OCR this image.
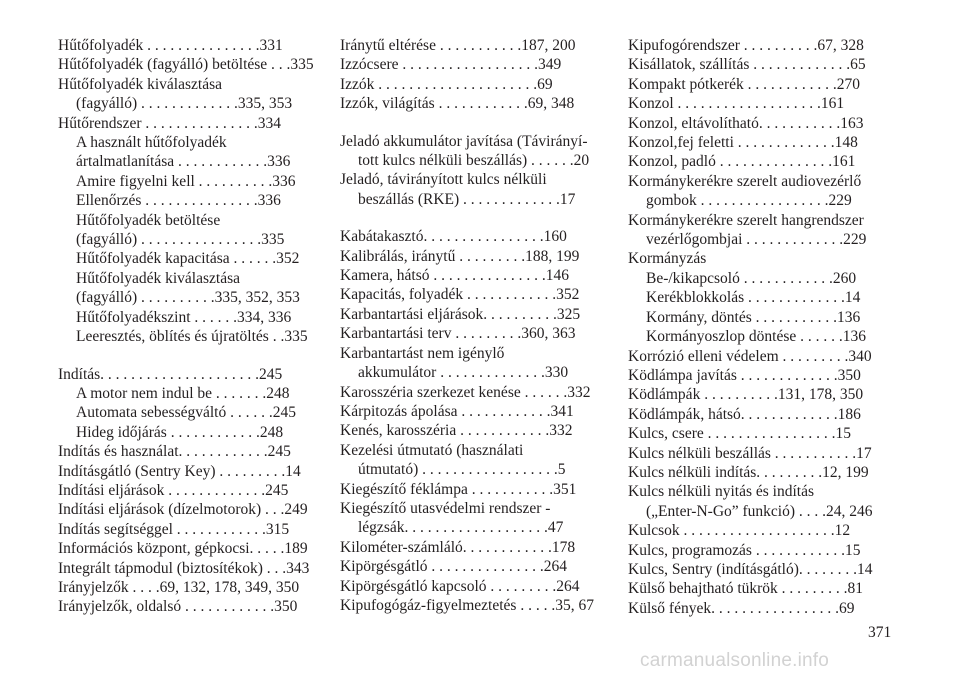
Hűtőfolyadék . . . . . . . . . . . . . . .331
Hűtőfolyadék (fagyálló) betöltése . . .335
Hűtőfolyadék kiválasztása
(fagyálló) . . . . . . . . . . . . .335, 353
Hűtőrendszer . . . . . . . . . . . . . . .334
A használt hűtőfolyadék
ártalmatlanítása . . . . . . . . . . . .336
Amire figyelni kell . . . . . . . . . .336
Ellenőrzés . . . . . . . . . . . . . . .336
Hűtőfolyadék betöltése
(fagyálló) . . . . . . . . . . . . . . . .335
Hűtőfolyadék kapacitása . . . . . .352
Hűtőfolyadék kiválasztása
(fagyálló) . . . . . . . . . .335, 352, 353
Hűtőfolyadékszint . . . . . .334, 336
Leeresztés, öblítés és újratöltés . .335
Indítás. . . . . . . . . . . . . . . . . . . . .245
A motor nem indul be . . . . . . .248
Automata sebességváltó . . . . . .245
Hideg időjárás . . . . . . . . . . . .248
Indítás és használat. . . . . . . . . . . .245
Indításgátló (Sentry Key) . . . . . . . . .14
Indítási eljárások . . . . . . . . . . . . .245
Indítási eljárások (dízelmotorok) . . .249
Indítás segítséggel . . . . . . . . . . . .315
Információs központ, gépkocsi. . . . .189
Integrált tápmodul (biztosítékok) . . .343
Irányjelzők . . . .69, 132, 178, 349, 350
Irányjelzők, oldalsó . . . . . . . . . . . .350
Iránytű eltérése . . . . . . . . . . .187, 200
Izzócsere . . . . . . . . . . . . . . . . . .349
Izzók . . . . . . . . . . . . . . . . . . . . .69
Izzók, világítás . . . . . . . . . . . .69, 348
Jeladó akkumulátor javítása (Távirányí-
tott kulcs nélküli beszállás) . . . . . .20
Jeladó, távirányított kulcs nélküli
beszállás (RKE) . . . . . . . . . . . . .17
Kabátakasztó. . . . . . . . . . . . . . . .160
Kalibrálás, iránytű . . . . . . . . .188, 199
Kamera, hátsó . . . . . . . . . . . . . . .146
Kapacitás, folyadék . . . . . . . . . . . .352
Karbantartási eljárások. . . . . . . . . .325
Karbantartási terv . . . . . . . . .360, 363
Karbantartást nem igénylő
akkumulátor . . . . . . . . . . . . . .330
Karosszéria szerkezet kenése . . . . . .332
Kárpitozás ápolása . . . . . . . . . . . .341
Kenés, karosszéria . . . . . . . . . . . .332
Kezelési útmutató (használati
útmutató) . . . . . . . . . . . . . . . . . .5
Kiegészítő féklámpa . . . . . . . . . . .351
Kiegészítő utasvédelmi rendszer -
légzsák. . . . . . . . . . . . . . . . . . .47
Kilométer-számláló. . . . . . . . . . . .178
Kipörgésgátló . . . . . . . . . . . . . . .264
Kipörgésgátló kapcsoló . . . . . . . . .264
Kipufogógáz-figyelmeztetés . . . . .35, 67
Kipufogórendszer . . . . . . . . . .67, 328
Kisállatok, szállítás . . . . . . . . . . . . .65
Kompakt pótkerék . . . . . . . . . . . .270
Konzol . . . . . . . . . . . . . . . . . . .161
Konzol, eltávolítható. . . . . . . . . . .163
Konzol,fej feletti . . . . . . . . . . . . .148
Konzol, padló . . . . . . . . . . . . . . .161
Kormánykerékre szerelt audiovezérlő
gombok . . . . . . . . . . . . . . . . .229
Kormánykerékre szerelt hangrendszer
vezérlőgombjai . . . . . . . . . . . . .229
Kormányzás
Be-/kikapcsoló . . . . . . . . . . . .260
Kerékblokkolás . . . . . . . . . . . . .14
Kormány, döntés . . . . . . . . . . .136
Kormányoszlop döntése . . . . . .136
Korrózió elleni védelem . . . . . . . . .340
Ködlámpa javítás . . . . . . . . . . . . .350
Ködlámpák . . . . . . . . . .131, 178, 350
Ködlámpák, hátsó. . . . . . . . . . . . .186
Kulcs, csere . . . . . . . . . . . . . . . . .15
Kulcs nélküli beszállás . . . . . . . . . . .17
Kulcs nélküli indítás. . . . . . . . .12, 199
Kulcs nélküli nyitás és indítás
(„Enter-N-Go” funkció) . . . .24, 246
Kulcsok . . . . . . . . . . . . . . . . . . . .12
Kulcs, programozás . . . . . . . . . . . .15
Kulcs, Sentry (indításgátló). . . . . . . .14
Külső behajtható tükrök . . . . . . . . .81
Külső fények. . . . . . . . . . . . . . . . .69
371
carmanualsonline.info
